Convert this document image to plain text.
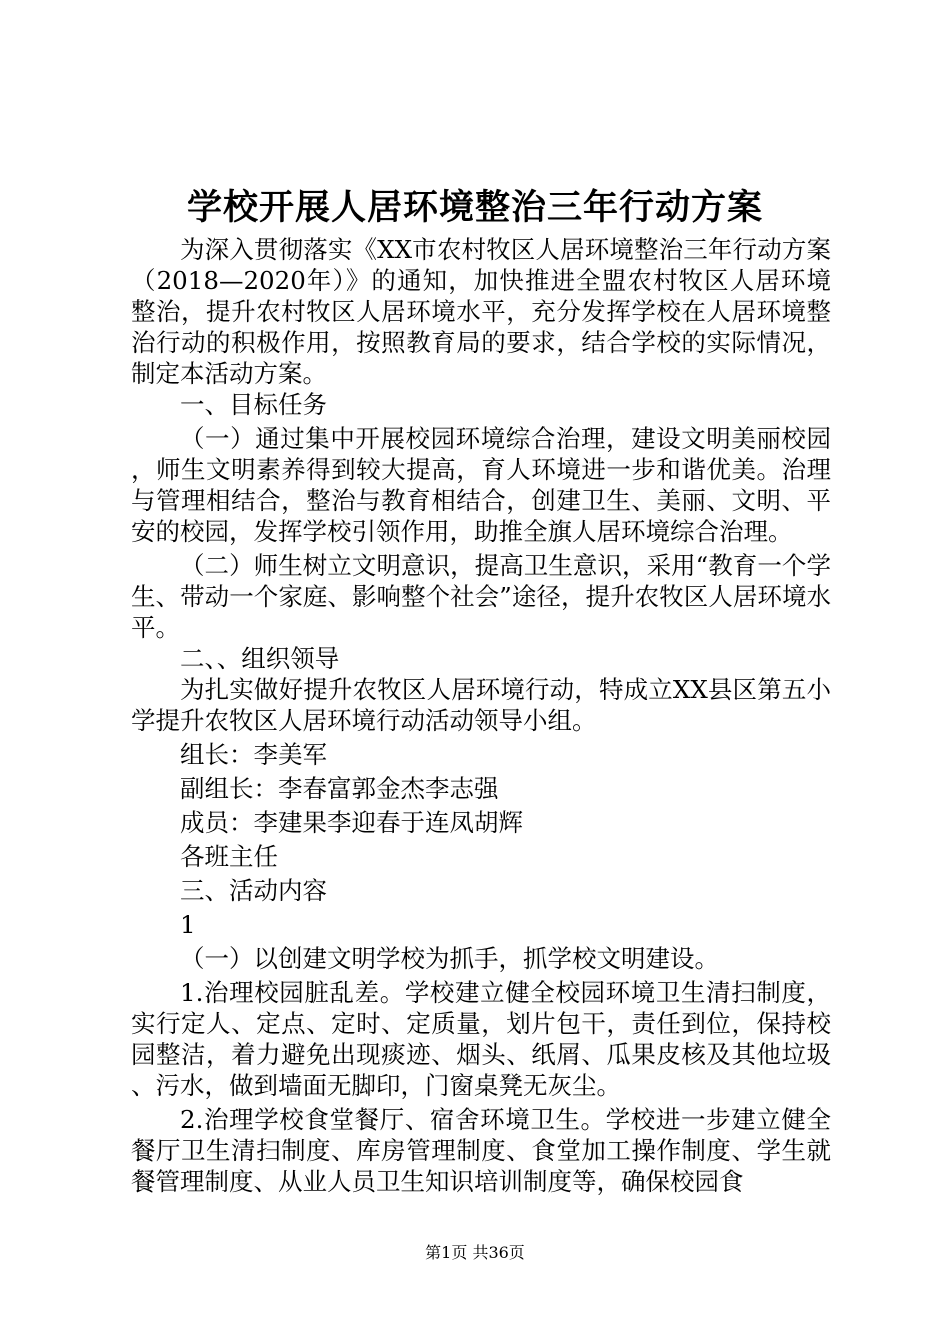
学校开展人居环境整治三年行动方案

为深入贯彻落实《XX市农村牧区人居环境整治三年行动方案（2018—2020年）》的通知，加快推进全盟农村牧区人居环境整治，提升农村牧区人居环境水平，充分发挥学校在人居环境整治行动的积极作用，按照教育局的要求，结合学校的实际情况，制定本活动方案。

一、目标任务

（一）通过集中开展校园环境综合治理，建设文明美丽校园，师生文明素养得到较大提高，育人环境进一步和谐优美。治理与管理相结合，整治与教育相结合，创建卫生、美丽、文明、平安的校园，发挥学校引领作用，助推全旗人居环境综合治理。

（二）师生树立文明意识，提高卫生意识，采用“教育一个学生、带动一个家庭、影响整个社会”途径，提升农牧区人居环境水平。

二、、组织领导

为扎实做好提升农牧区人居环境行动，特成立XX县区第五小学提升农牧区人居环境行动活动领导小组。

组长：李美军

副组长：李春富郭金杰李志强

成员：李建果李迎春于连凤胡辉

各班主任

三、活动内容

1

（一）以创建文明学校为抓手，抓学校文明建设。

1.治理校园脏乱差。学校建立健全校园环境卫生清扫制度，实行定人、定点、定时、定质量，划片包干，责任到位，保持校园整洁，着力避免出现痰迹、烟头、纸屑、瓜果皮核及其他垃圾、污水，做到墙面无脚印，门窗桌凳无灰尘。

2.治理学校食堂餐厅、宿舍环境卫生。学校进一步建立健全餐厅卫生清扫制度、库房管理制度、食堂加工操作制度、学生就餐管理制度、从业人员卫生知识培训制度等，确保校园食

第1页 共36页
